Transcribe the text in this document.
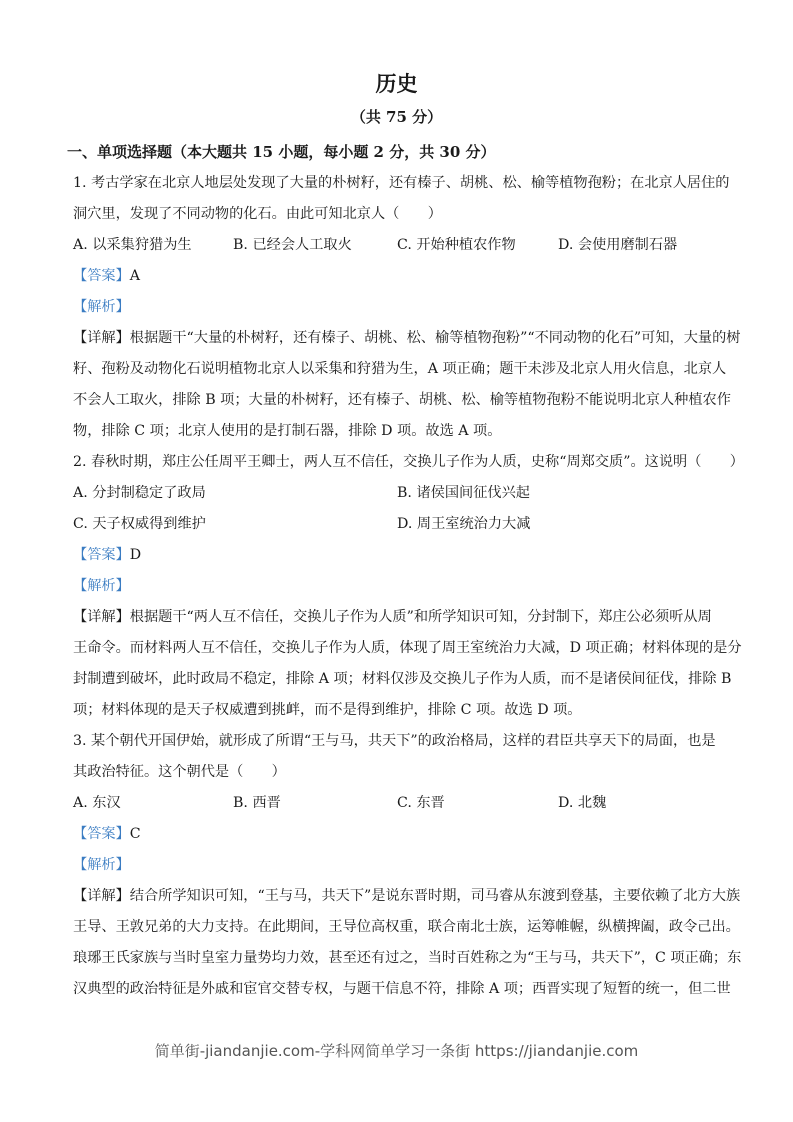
历史
（共 75 分）
一、单项选择题（本大题共 15 小题，每小题 2 分，共 30 分）
1. 考古学家在北京人地层处发现了大量的朴树籽，还有榛子、胡桃、松、榆等植物孢粉；在北京人居住的
洞穴里，发现了不同动物的化石。由此可知北京人（　　）
A. 以采集狩猎为生	B. 已经会人工取火	C. 开始种植农作物	D. 会使用磨制石器
【答案】A
【解析】
【详解】根据题干“大量的朴树籽，还有榛子、胡桃、松、榆等植物孢粉”“不同动物的化石”可知，大量的树
籽、孢粉及动物化石说明植物北京人以采集和狩猎为生，A 项正确；题干未涉及北京人用火信息，北京人
不会人工取火，排除 B 项；大量的朴树籽，还有榛子、胡桃、松、榆等植物孢粉不能说明北京人种植农作
物，排除 C 项；北京人使用的是打制石器，排除 D 项。故选 A 项。
2. 春秋时期，郑庄公任周平王卿士，两人互不信任，交换儿子作为人质，史称“周郑交质”。这说明（　　）
A. 分封制稳定了政局	B. 诸侯国间征伐兴起
C. 天子权威得到维护	D. 周王室统治力大减
【答案】D
【解析】
【详解】根据题干“两人互不信任，交换儿子作为人质”和所学知识可知，分封制下，郑庄公必须听从周
王命令。而材料两人互不信任，交换儿子作为人质，体现了周王室统治力大减，D 项正确；材料体现的是分
封制遭到破坏，此时政局不稳定，排除 A 项；材料仅涉及交换儿子作为人质，而不是诸侯间征伐，排除 B
项；材料体现的是天子权威遭到挑衅，而不是得到维护，排除 C 项。故选 D 项。
3. 某个朝代开国伊始，就形成了所谓“王与马，共天下”的政治格局，这样的君臣共享天下的局面，也是
其政治特征。这个朝代是（　　）
A. 东汉	B. 西晋	C. 东晋	D. 北魏
【答案】C
【解析】
【详解】结合所学知识可知，“王与马，共天下”是说东晋时期，司马睿从东渡到登基，主要依赖了北方大族
王导、王敦兄弟的大力支持。在此期间，王导位高权重，联合南北士族，运筹帷幄，纵横捭阖，政令己出。
琅琊王氏家族与当时皇室力量势均力效，甚至还有过之，当时百姓称之为“王与马，共天下”，C 项正确；东
汉典型的政治特征是外戚和宦官交替专权，与题干信息不符，排除 A 项；西晋实现了短暂的统一，但二世
简单街-jiandanjie.com-学科网简单学习一条街 https://jiandanjie.com
